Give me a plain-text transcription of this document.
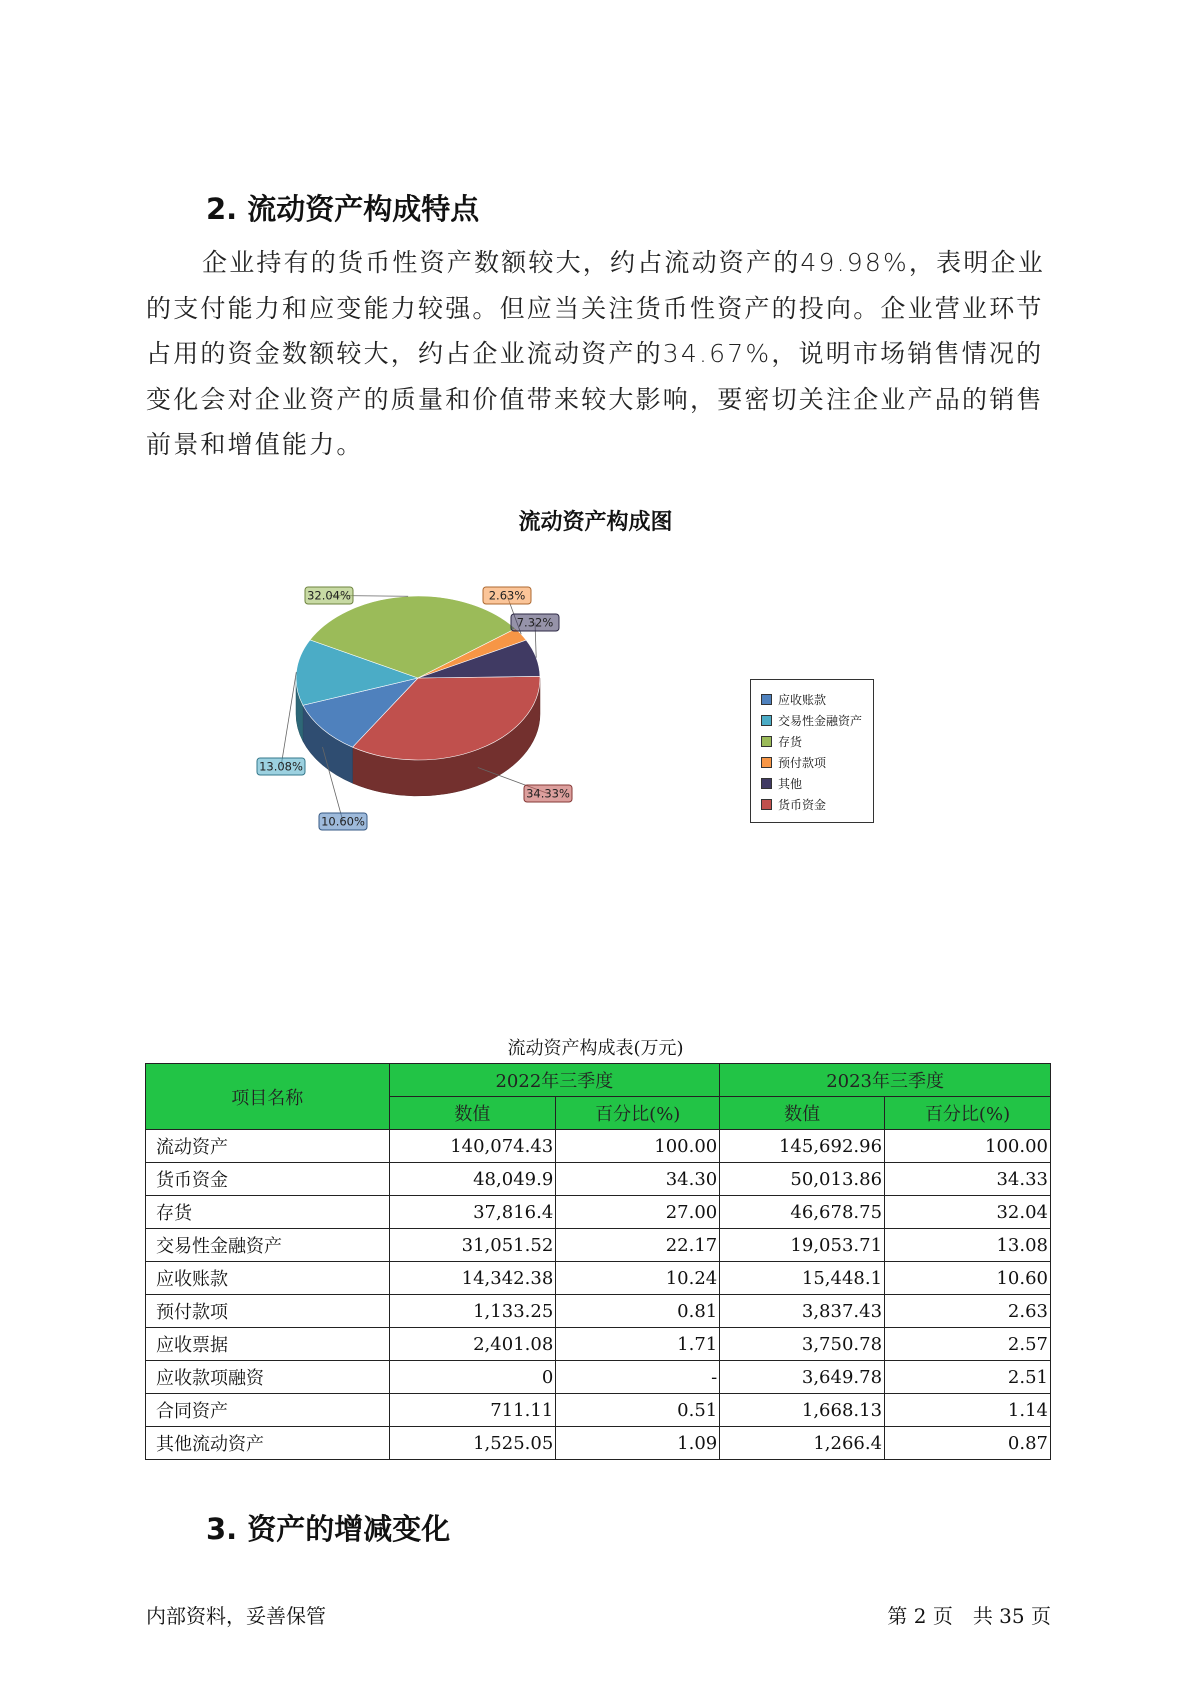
2. 流动资产构成特点

企业持有的货币性资产数额较大，约占流动资产的49.98%，表明企业的支付能力和应变能力较强。但应当关注货币性资产的投向。企业营业环节占用的资金数额较大，约占企业流动资产的34.67%，说明市场销售情况的变化会对企业资产的质量和价值带来较大影响，要密切关注企业产品的销售前景和增值能力。

流动资产构成图
34.33%
10.60%
13.08%
32.04%	2.63%
7.32%
应收账款
交易性金融资产
存货
预付款项
其他
货币资金
流动资产构成表(万元)
项目名称	2022年三季度		2023年三季度	
	数值	百分比(%)	数值	百分比(%)
流动资产	140,074.43	100.00	145,692.96	100.00
货币资金	48,049.9	34.30	50,013.86	34.33
存货	37,816.4	27.00	46,678.75	32.04
交易性金融资产	31,051.52	22.17	19,053.71	13.08
应收账款	14,342.38	10.24	15,448.1	10.60
预付款项	1,133.25	0.81	3,837.43	2.63
应收票据	2,401.08	1.71	3,750.78	2.57
应收款项融资	0	-	3,649.78	2.51
合同资产	711.11	0.51	1,668.13	1.14
其他流动资产	1,525.05	1.09	1,266.4	0.87
3. 资产的增减变化
内部资料，妥善保管	第 2 页　共 35 页
